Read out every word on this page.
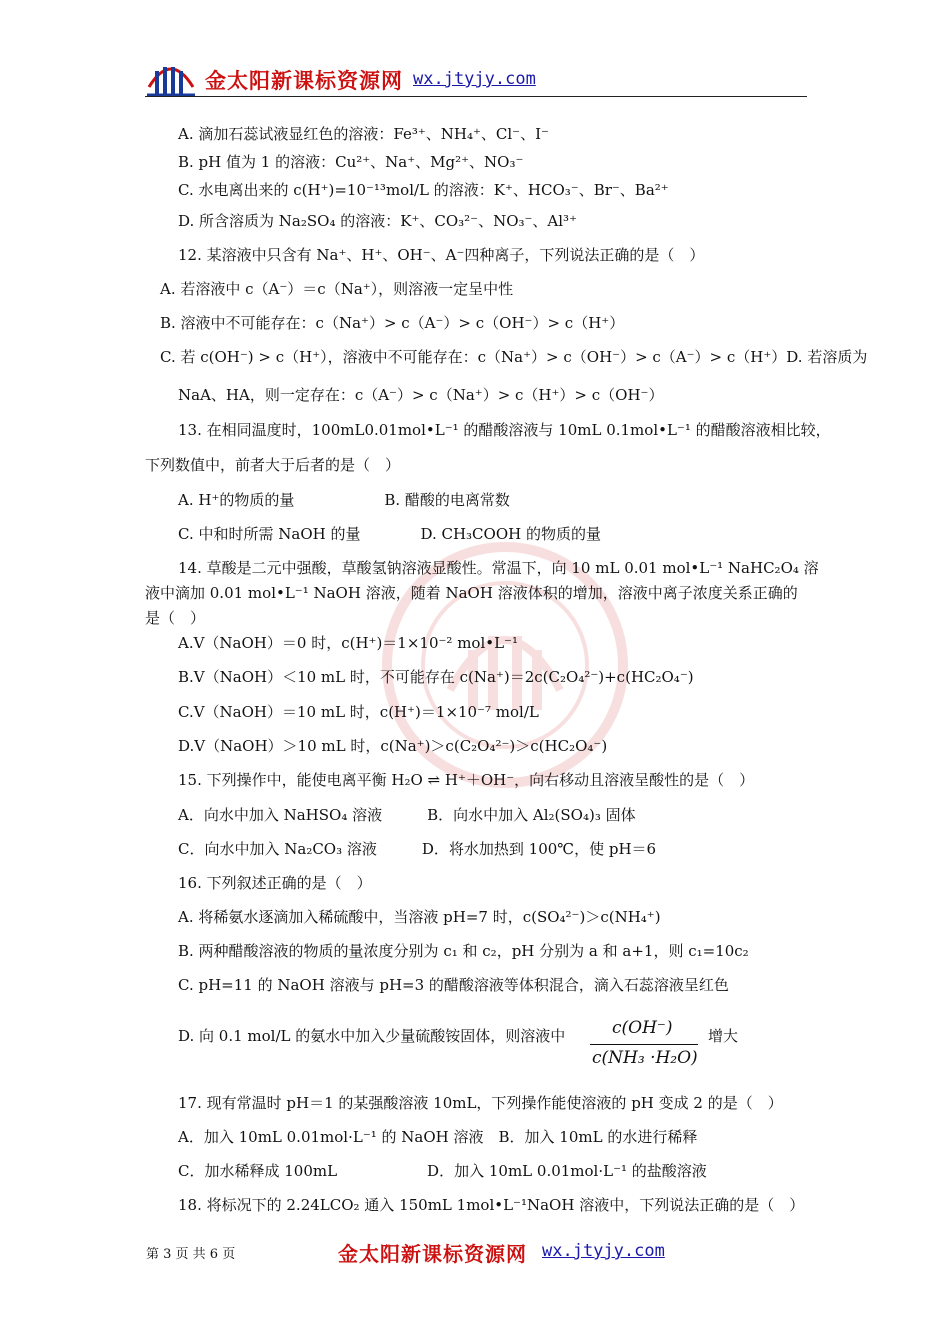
金太阳新课标资源网 wx.jtyjy.com
A. 滴加石蕊试液显红色的溶液：Fe³⁺、NH₄⁺、Cl⁻、I⁻
B. pH 值为 1 的溶液：Cu²⁺、Na⁺、Mg²⁺、NO₃⁻
C. 水电离出来的 c(H⁺)=10⁻¹³mol/L 的溶液：K⁺、HCO₃⁻、Br⁻、Ba²⁺
D. 所含溶质为 Na₂SO₄ 的溶液：K⁺、CO₃²⁻、NO₃⁻、Al³⁺
12. 某溶液中只含有 Na⁺、H⁺、OH⁻、A⁻四种离子，下列说法正确的是（　）
A. 若溶液中 c（A⁻）＝c（Na⁺），则溶液一定呈中性
B. 溶液中不可能存在：c（Na⁺）> c（A⁻）> c（OH⁻）> c（H⁺）
C. 若 c(OH⁻) > c（H⁺），溶液中不可能存在：c（Na⁺）> c（OH⁻）> c（A⁻）> c（H⁺）D. 若溶质为
NaA、HA，则一定存在：c（A⁻）> c（Na⁺）> c（H⁺）> c（OH⁻）
13. 在相同温度时，100mL0.01mol•L⁻¹ 的醋酸溶液与 10mL 0.1mol•L⁻¹ 的醋酸溶液相比较，
下列数值中，前者大于后者的是（　）
A. H⁺的物质的量　　　　　　B. 醋酸的电离常数
C. 中和时所需 NaOH 的量　　　　D. CH₃COOH 的物质的量
14. 草酸是二元中强酸，草酸氢钠溶液显酸性。常温下，向 10 mL 0.01 mol•L⁻¹ NaHC₂O₄ 溶
液中滴加 0.01 mol•L⁻¹ NaOH 溶液，随着 NaOH 溶液体积的增加，溶液中离子浓度关系正确的
是（　）
A.V（NaOH）＝0 时，c(H⁺)＝1×10⁻² mol•L⁻¹
B.V（NaOH）＜10 mL 时，不可能存在 c(Na⁺)＝2c(C₂O₄²⁻)+c(HC₂O₄⁻)
C.V（NaOH）＝10 mL 时，c(H⁺)＝1×10⁻⁷ mol/L
D.V（NaOH）＞10 mL 时，c(Na⁺)＞c(C₂O₄²⁻)＞c(HC₂O₄⁻)
15. 下列操作中，能使电离平衡 H₂O ⇌ H⁺＋OH⁻，向右移动且溶液呈酸性的是（　）
A．向水中加入 NaHSO₄ 溶液　　　B．向水中加入 Al₂(SO₄)₃ 固体
C．向水中加入 Na₂CO₃ 溶液　　　D．将水加热到 100℃，使 pH＝6
16. 下列叙述正确的是（　）
A. 将稀氨水逐滴加入稀硫酸中，当溶液 pH=7 时，c(SO₄²⁻)＞c(NH₄⁺)
B. 两种醋酸溶液的物质的量浓度分别为 c₁ 和 c₂，pH 分别为 a 和 a+1，则 c₁=10c₂
C. pH=11 的 NaOH 溶液与 pH=3 的醋酸溶液等体积混合，滴入石蕊溶液呈红色
D. 向 0.1 mol/L 的氨水中加入少量硫酸铵固体，则溶液中	c(OH⁻)
c(NH₃ ·H₂O)
增大
17. 现有常温时 pH＝1 的某强酸溶液 10mL，下列操作能使溶液的 pH 变成 2 的是（　）
A．加入 10mL 0.01mol·L⁻¹ 的 NaOH 溶液　B．加入 10mL 的水进行稀释
C．加水稀释成 100mL　　　　　　D．加入 10mL 0.01mol·L⁻¹ 的盐酸溶液
18. 将标况下的 2.24LCO₂ 通入 150mL 1mol•L⁻¹NaOH 溶液中，下列说法正确的是（　）
第 3 页 共 6 页	金太阳新课标资源网 wx.jtyjy.com
